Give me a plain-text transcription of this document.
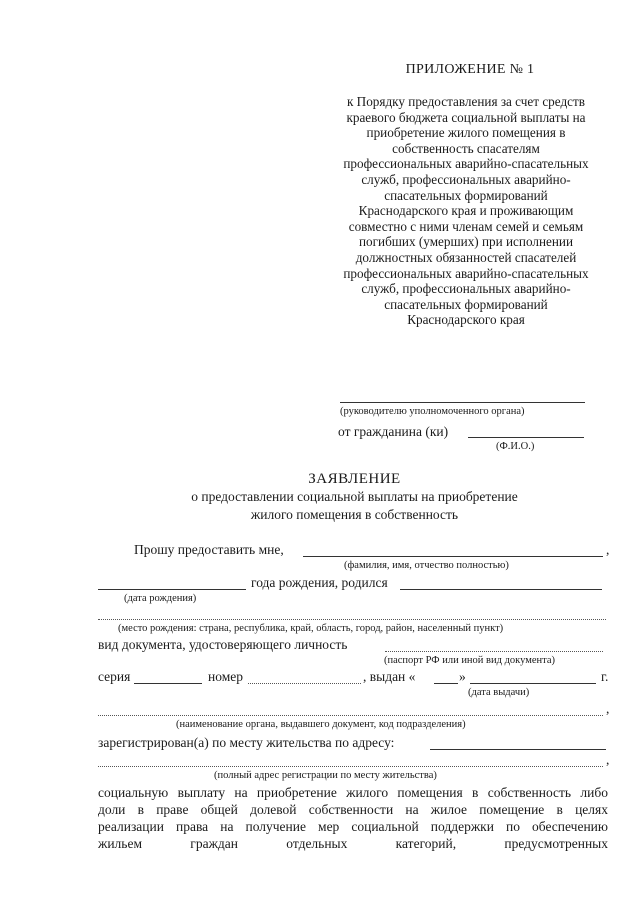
ПРИЛОЖЕНИЕ № 1
к Порядку предоставления за счет средств
краевого бюджета социальной выплаты на
приобретение жилого помещения в
собственность спасателям
профессиональных аварийно-спасательных
служб, профессиональных аварийно-
спасательных формирований
Краснодарского края и проживающим
совместно с ними членам семей и семьям
погибших (умерших) при исполнении
должностных обязанностей спасателей
профессиональных аварийно-спасательных
служб, профессиональных аварийно-
спасательных формирований
Краснодарского края
(руководителю уполномоченного органа)
от гражданина (ки)
(Ф.И.О.)
ЗАЯВЛЕНИЕ
о предоставлении социальной выплаты на приобретение
жилого помещения в собственность
Прошу предоставить мне,	,
(фамилия, имя, отчество полностью)
года рождения, родился
(дата рождения)
(место рождения: страна, республика, край, область, город, район, населенный пункт)
вид документа, удостоверяющего личность
(паспорт РФ или иной вид документа)
серия	номер	, выдан «	»	г.
(дата выдачи)
,
(наименование органа, выдавшего документ, код подразделения)
зарегистрирован(а) по месту жительства по адресу:
,
(полный адрес регистрации по месту жительства)
социальную выплату на приобретение жилого помещения в собственность либо
доли в праве общей долевой собственности на жилое помещение в целях
реализации права на получение мер социальной поддержки по обеспечению
жильем граждан отдельных категорий, предусмотренных
